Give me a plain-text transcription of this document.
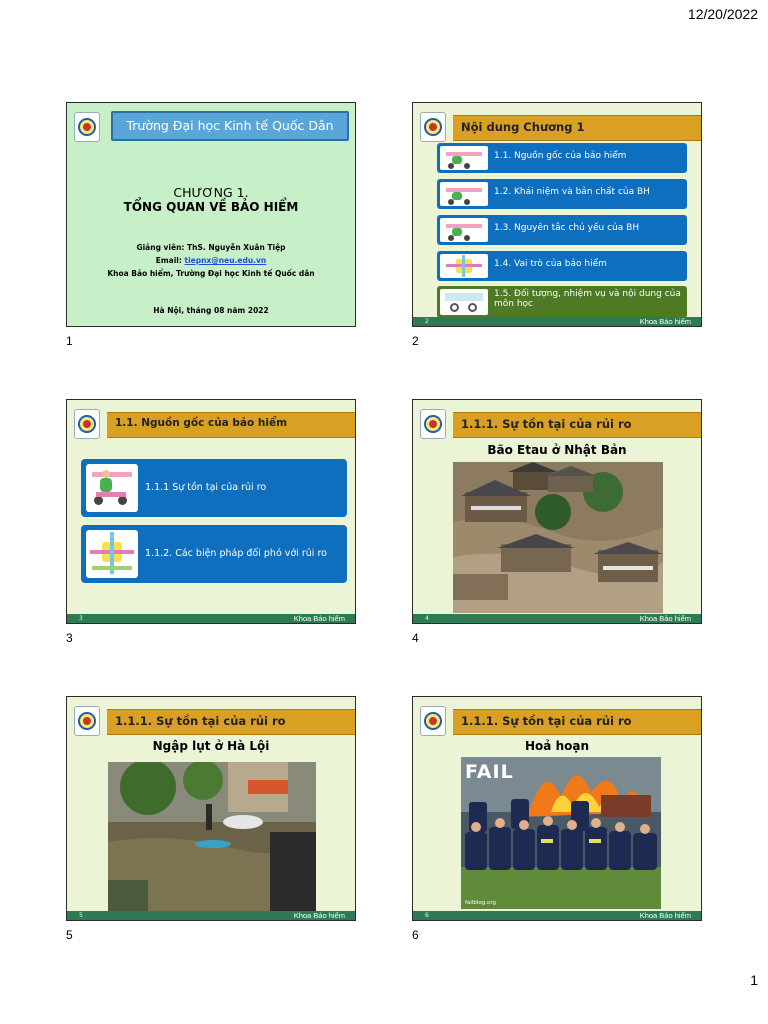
12/20/2022
Trường Đại học Kinh tế Quốc Dân
CHƯƠNG 1.
TỔNG QUAN VỀ BẢO HIỂM
Giảng viên: ThS. Nguyễn Xuân Tiệp
Email: tiepnx@neu.edu.vn
Khoa Bảo hiểm, Trường Đại học Kinh tế Quốc dân
Hà Nội, tháng 08 năm 2022
1
Nội dung Chương 1
1.1. Nguồn gốc của bảo hiểm
1.2. Khái niệm và bản chất của BH
1.3. Nguyên tắc chủ yếu của BH
1.4. Vai trò của bảo hiểm
1.5. Đối tượng, nhiệm vụ và nội dung của môn học
2	Khoa Bảo hiểm
2
1.1. Nguồn gốc của bảo hiểm
1.1.1 Sự tồn tại của rủi ro
1.1.2. Các biện pháp đối phó với rủi ro
3	Khoa Bảo hiểm
3
1.1.1. Sự tồn tại của rủi ro
Bão Etau ở Nhật Bản
4	Khoa Bảo hiểm
4
1.1.1. Sự tồn tại của rủi ro
Ngập lụt ở Hà Lội
5	Khoa Bảo hiểm
5
1.1.1. Sự tồn tại của rủi ro
Hoả hoạn
FAIL
failblog.org
6	Khoa Bảo hiểm
6
1
